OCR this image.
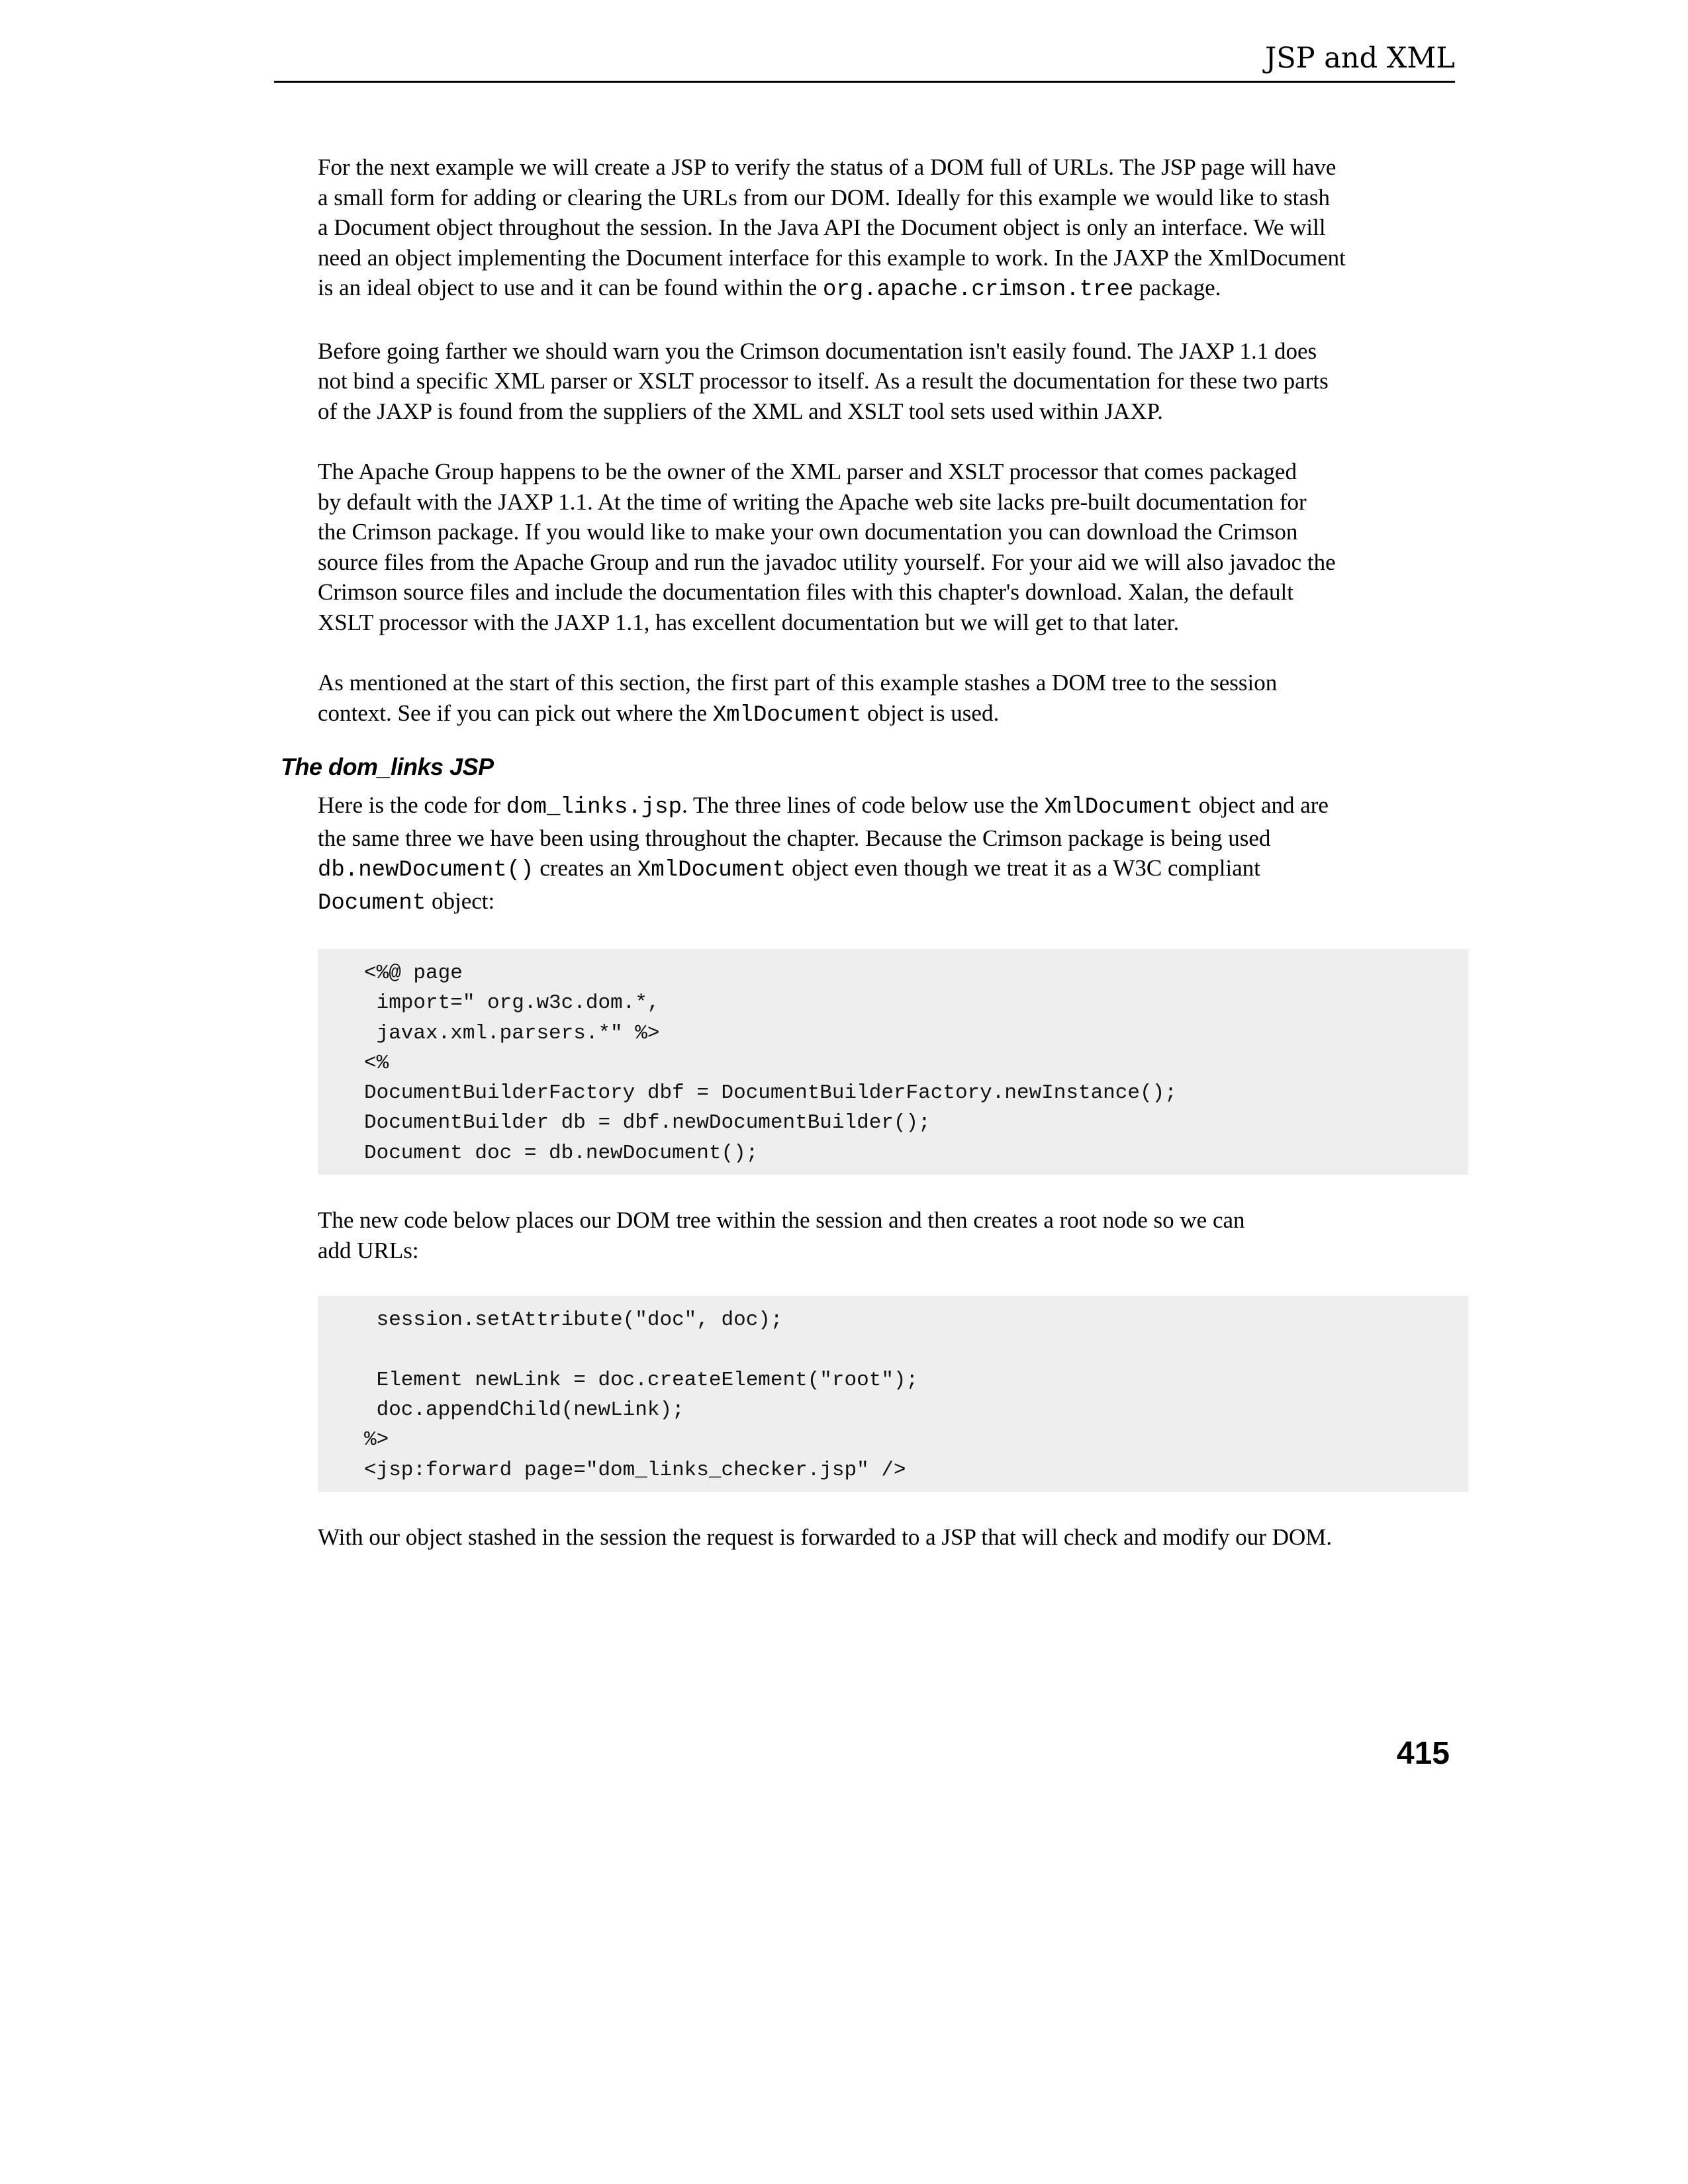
JSP and XML

For the next example we will create a JSP to verify the status of a DOM full of URLs. The JSP page will have
a small form for adding or clearing the URLs from our DOM. Ideally for this example we would like to stash
a Document object throughout the session. In the Java API the Document object is only an interface. We will
need an object implementing the Document interface for this example to work. In the JAXP the XmlDocument
is an ideal object to use and it can be found within the org.apache.crimson.tree package.

Before going farther we should warn you the Crimson documentation isn't easily found. The JAXP 1.1 does
not bind a specific XML parser or XSLT processor to itself. As a result the documentation for these two parts
of the JAXP is found from the suppliers of the XML and XSLT tool sets used within JAXP.

The Apache Group happens to be the owner of the XML parser and XSLT processor that comes packaged
by default with the JAXP 1.1. At the time of writing the Apache web site lacks pre-built documentation for
the Crimson package. If you would like to make your own documentation you can download the Crimson
source files from the Apache Group and run the javadoc utility yourself. For your aid we will also javadoc the
Crimson source files and include the documentation files with this chapter's download. Xalan, the default
XSLT processor with the JAXP 1.1, has excellent documentation but we will get to that later.

As mentioned at the start of this section, the first part of this example stashes a DOM tree to the session
context. See if you can pick out where the XmlDocument object is used.

The dom_links JSP

Here is the code for dom_links.jsp. The three lines of code below use the XmlDocument object and are
the same three we have been using throughout the chapter. Because the Crimson package is being used
db.newDocument() creates an XmlDocument object even though we treat it as a W3C compliant
Document object:

<%@ page
import=" org.w3c.dom.*,
javax.xml.parsers.*" %>
<%
DocumentBuilderFactory dbf = DocumentBuilderFactory.newInstance();
DocumentBuilder db = dbf.newDocumentBuilder();
Document doc = db.newDocument();

The new code below places our DOM tree within the session and then creates a root node so we can
add URLs:

session.setAttribute("doc", doc);
Element newLink = doc.createElement("root");
doc.appendChild(newLink);
%>
<jsp:forward page="dom_links_checker.jsp" />

With our object stashed in the session the request is forwarded to a JSP that will check and modify our DOM.

415
